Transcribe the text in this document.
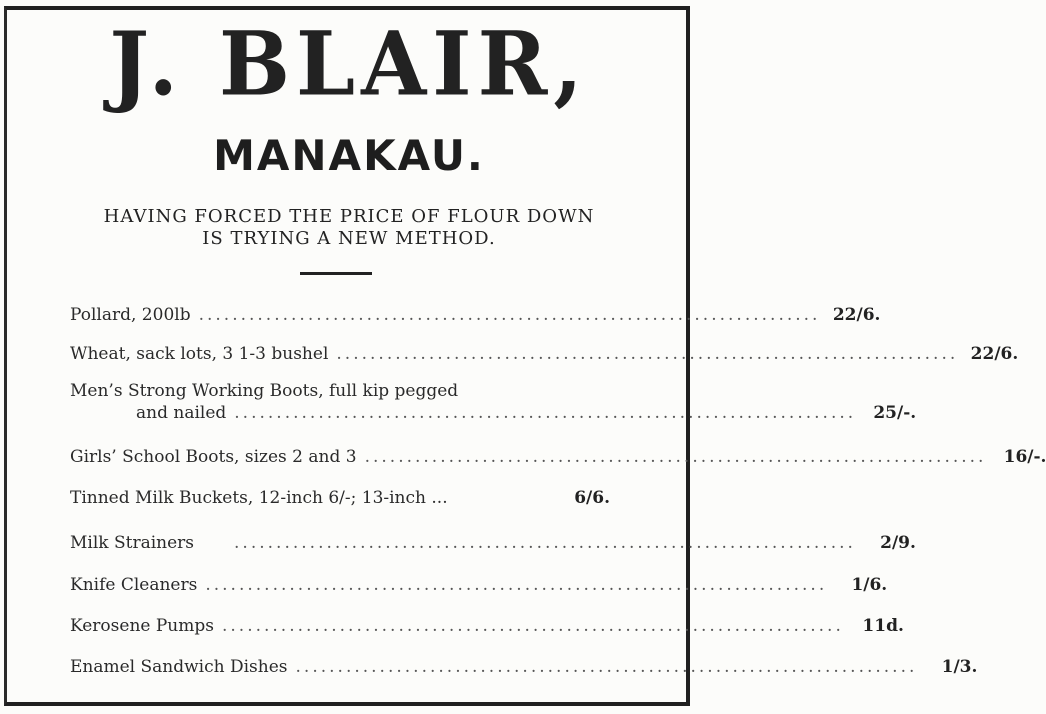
J. BLAIR,
MANAKAU.
HAVING FORCED THE PRICE OF FLOUR DOWN
IS TRYING A NEW METHOD.
Pollard, 200lb .......................................................................... 22/6.
Wheat, sack lots, 3 1-3 bushel .......................................................................... 22/6.
Men’s Strong Working Boots, full kip pegged
and nailed ..........................................................................	25/-.
Girls’ School Boots, sizes 2 and 3 ..........................................................................	16/-.
Tinned Milk Buckets, 12-inch 6/-; 13-inch ...	6/6.
Milk Strainers ..........................................................................	2/9.
Knife Cleaners ..........................................................................	1/6.
Kerosene Pumps ..........................................................................	11d.
Enamel Sandwich Dishes ..........................................................................	1/3.
